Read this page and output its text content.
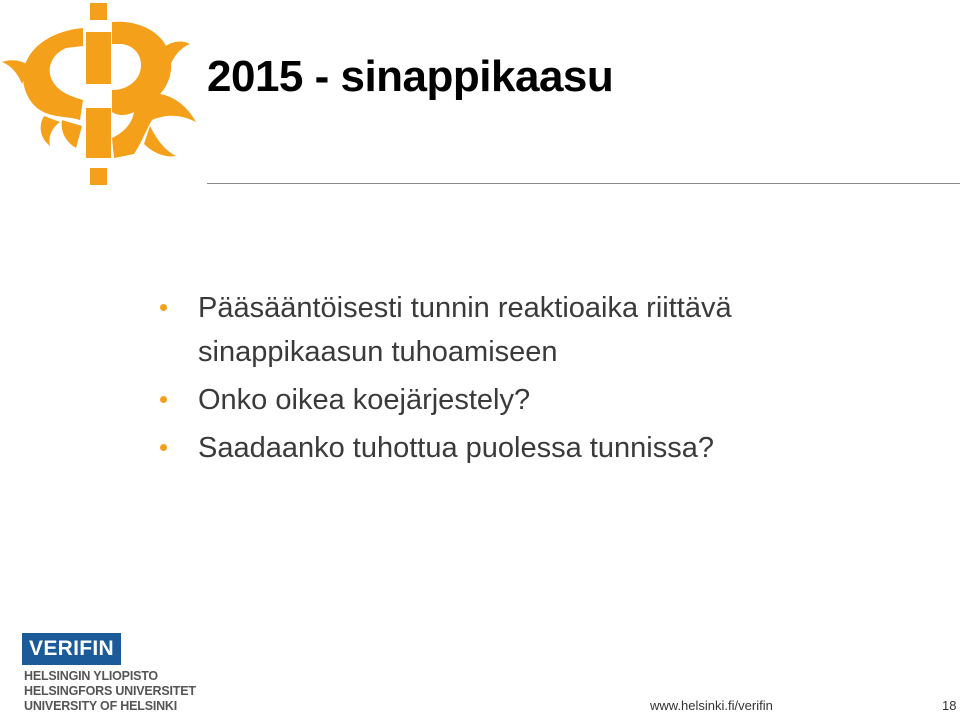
2015 - sinappikaasu
Pääsääntöisesti tunnin reaktioaika riittävä
sinappikaasun tuhoamiseen
Onko oikea koejärjestely?
Saadaanko tuhottua puolessa tunnissa?
VERIFIN
HELSINGIN YLIOPISTO
HELSINGFORS UNIVERSITET
UNIVERSITY OF HELSINKI	www.helsinki.fi/verifin	18
